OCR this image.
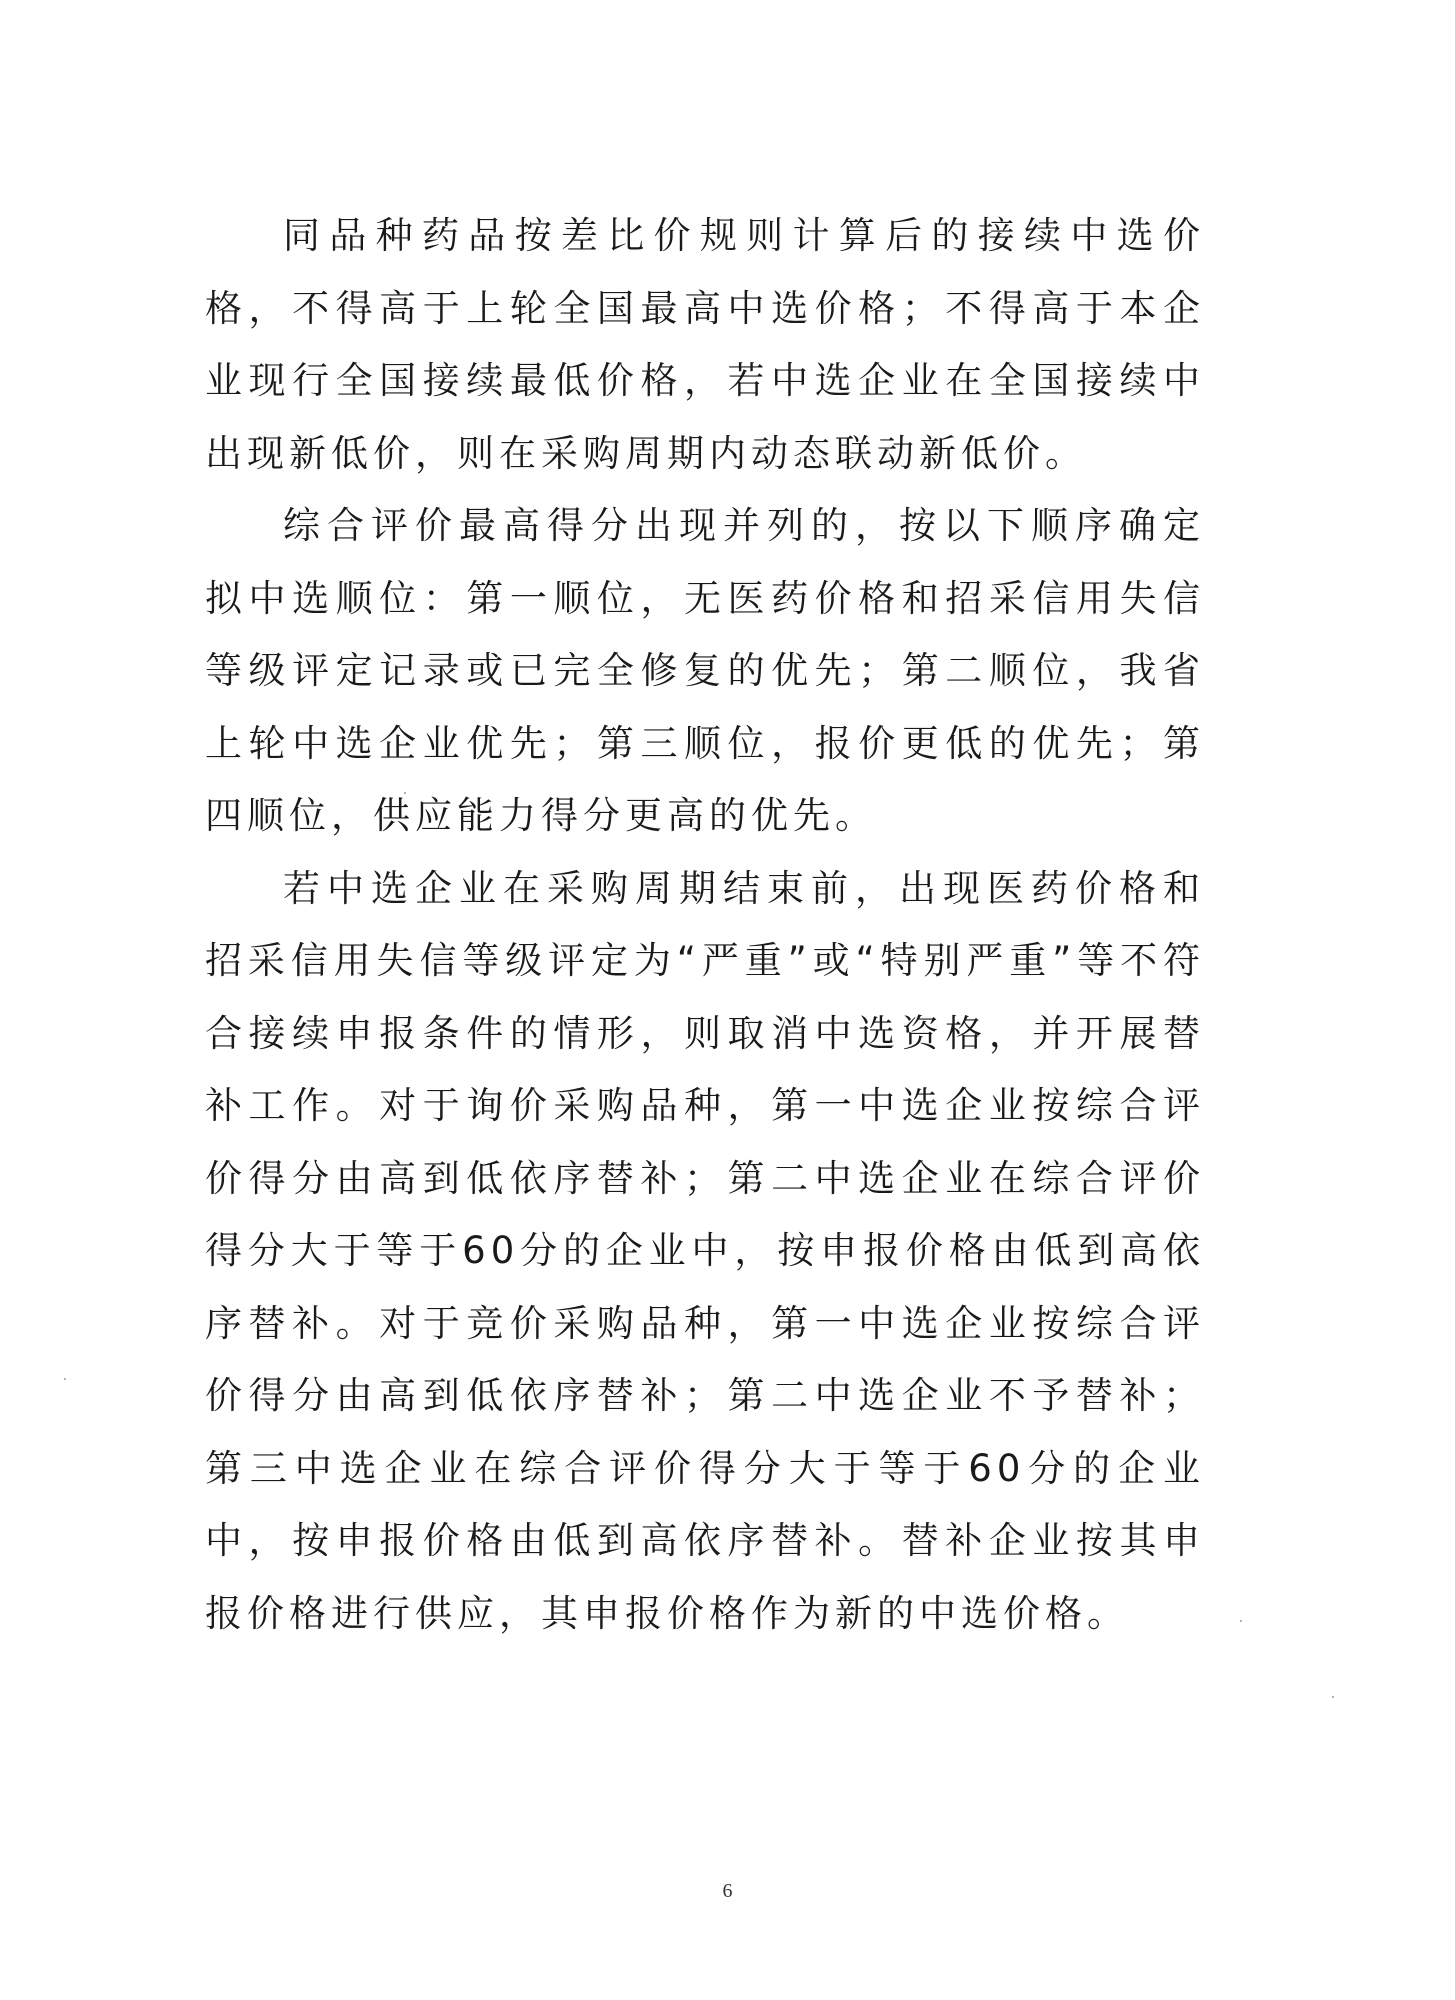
同品种药品按差比价规则计算后的接续中选价格，不得高于上轮全国最高中选价格；不得高于本企业现行全国接续最低价格，若中选企业在全国接续中出现新低价，则在采购周期内动态联动新低价。

综合评价最高得分出现并列的，按以下顺序确定拟中选顺位：第一顺位，无医药价格和招采信用失信等级评定记录或已完全修复的优先；第二顺位，我省上轮中选企业优先；第三顺位，报价更低的优先；第四顺位，供应能力得分更高的优先。

若中选企业在采购周期结束前，出现医药价格和招采信用失信等级评定为“严重”或“特别严重”等不符合接续申报条件的情形，则取消中选资格，并开展替补工作。对于询价采购品种，第一中选企业按综合评价得分由高到低依序替补；第二中选企业在综合评价得分大于等于60分的企业中，按申报价格由低到高依序替补。对于竞价采购品种，第一中选企业按综合评价得分由高到低依序替补；第二中选企业不予替补；第三中选企业在综合评价得分大于等于60分的企业中，按申报价格由低到高依序替补。替补企业按其申报价格进行供应，其申报价格作为新的中选价格。

6
